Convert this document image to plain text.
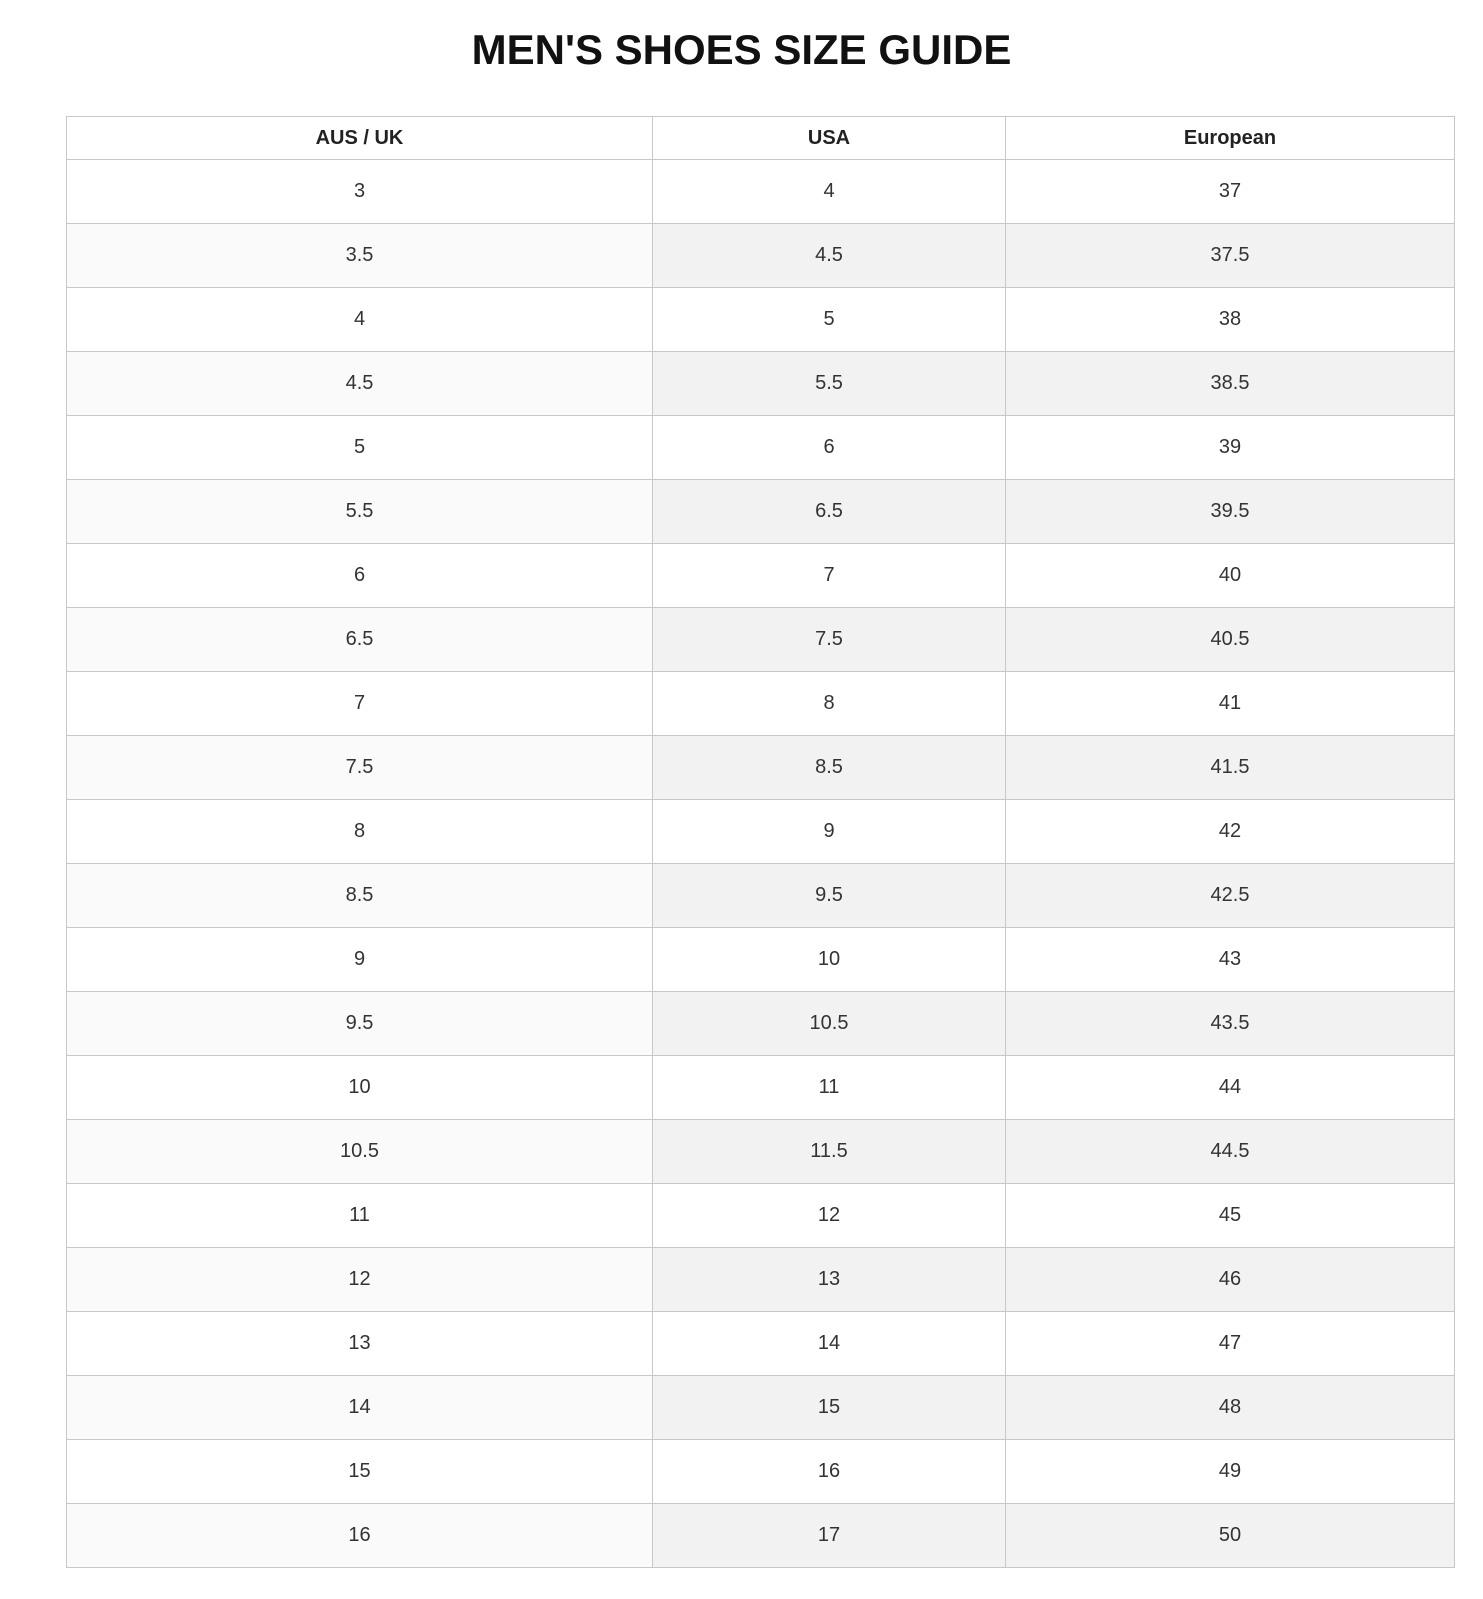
MEN'S SHOES SIZE GUIDE
AUS / UK	USA	European
3	4	37
3.5	4.5	37.5
4	5	38
4.5	5.5	38.5
5	6	39
5.5	6.5	39.5
6	7	40
6.5	7.5	40.5
7	8	41
7.5	8.5	41.5
8	9	42
8.5	9.5	42.5
9	10	43
9.5	10.5	43.5
10	11	44
10.5	11.5	44.5
11	12	45
12	13	46
13	14	47
14	15	48
15	16	49
16	17	50
